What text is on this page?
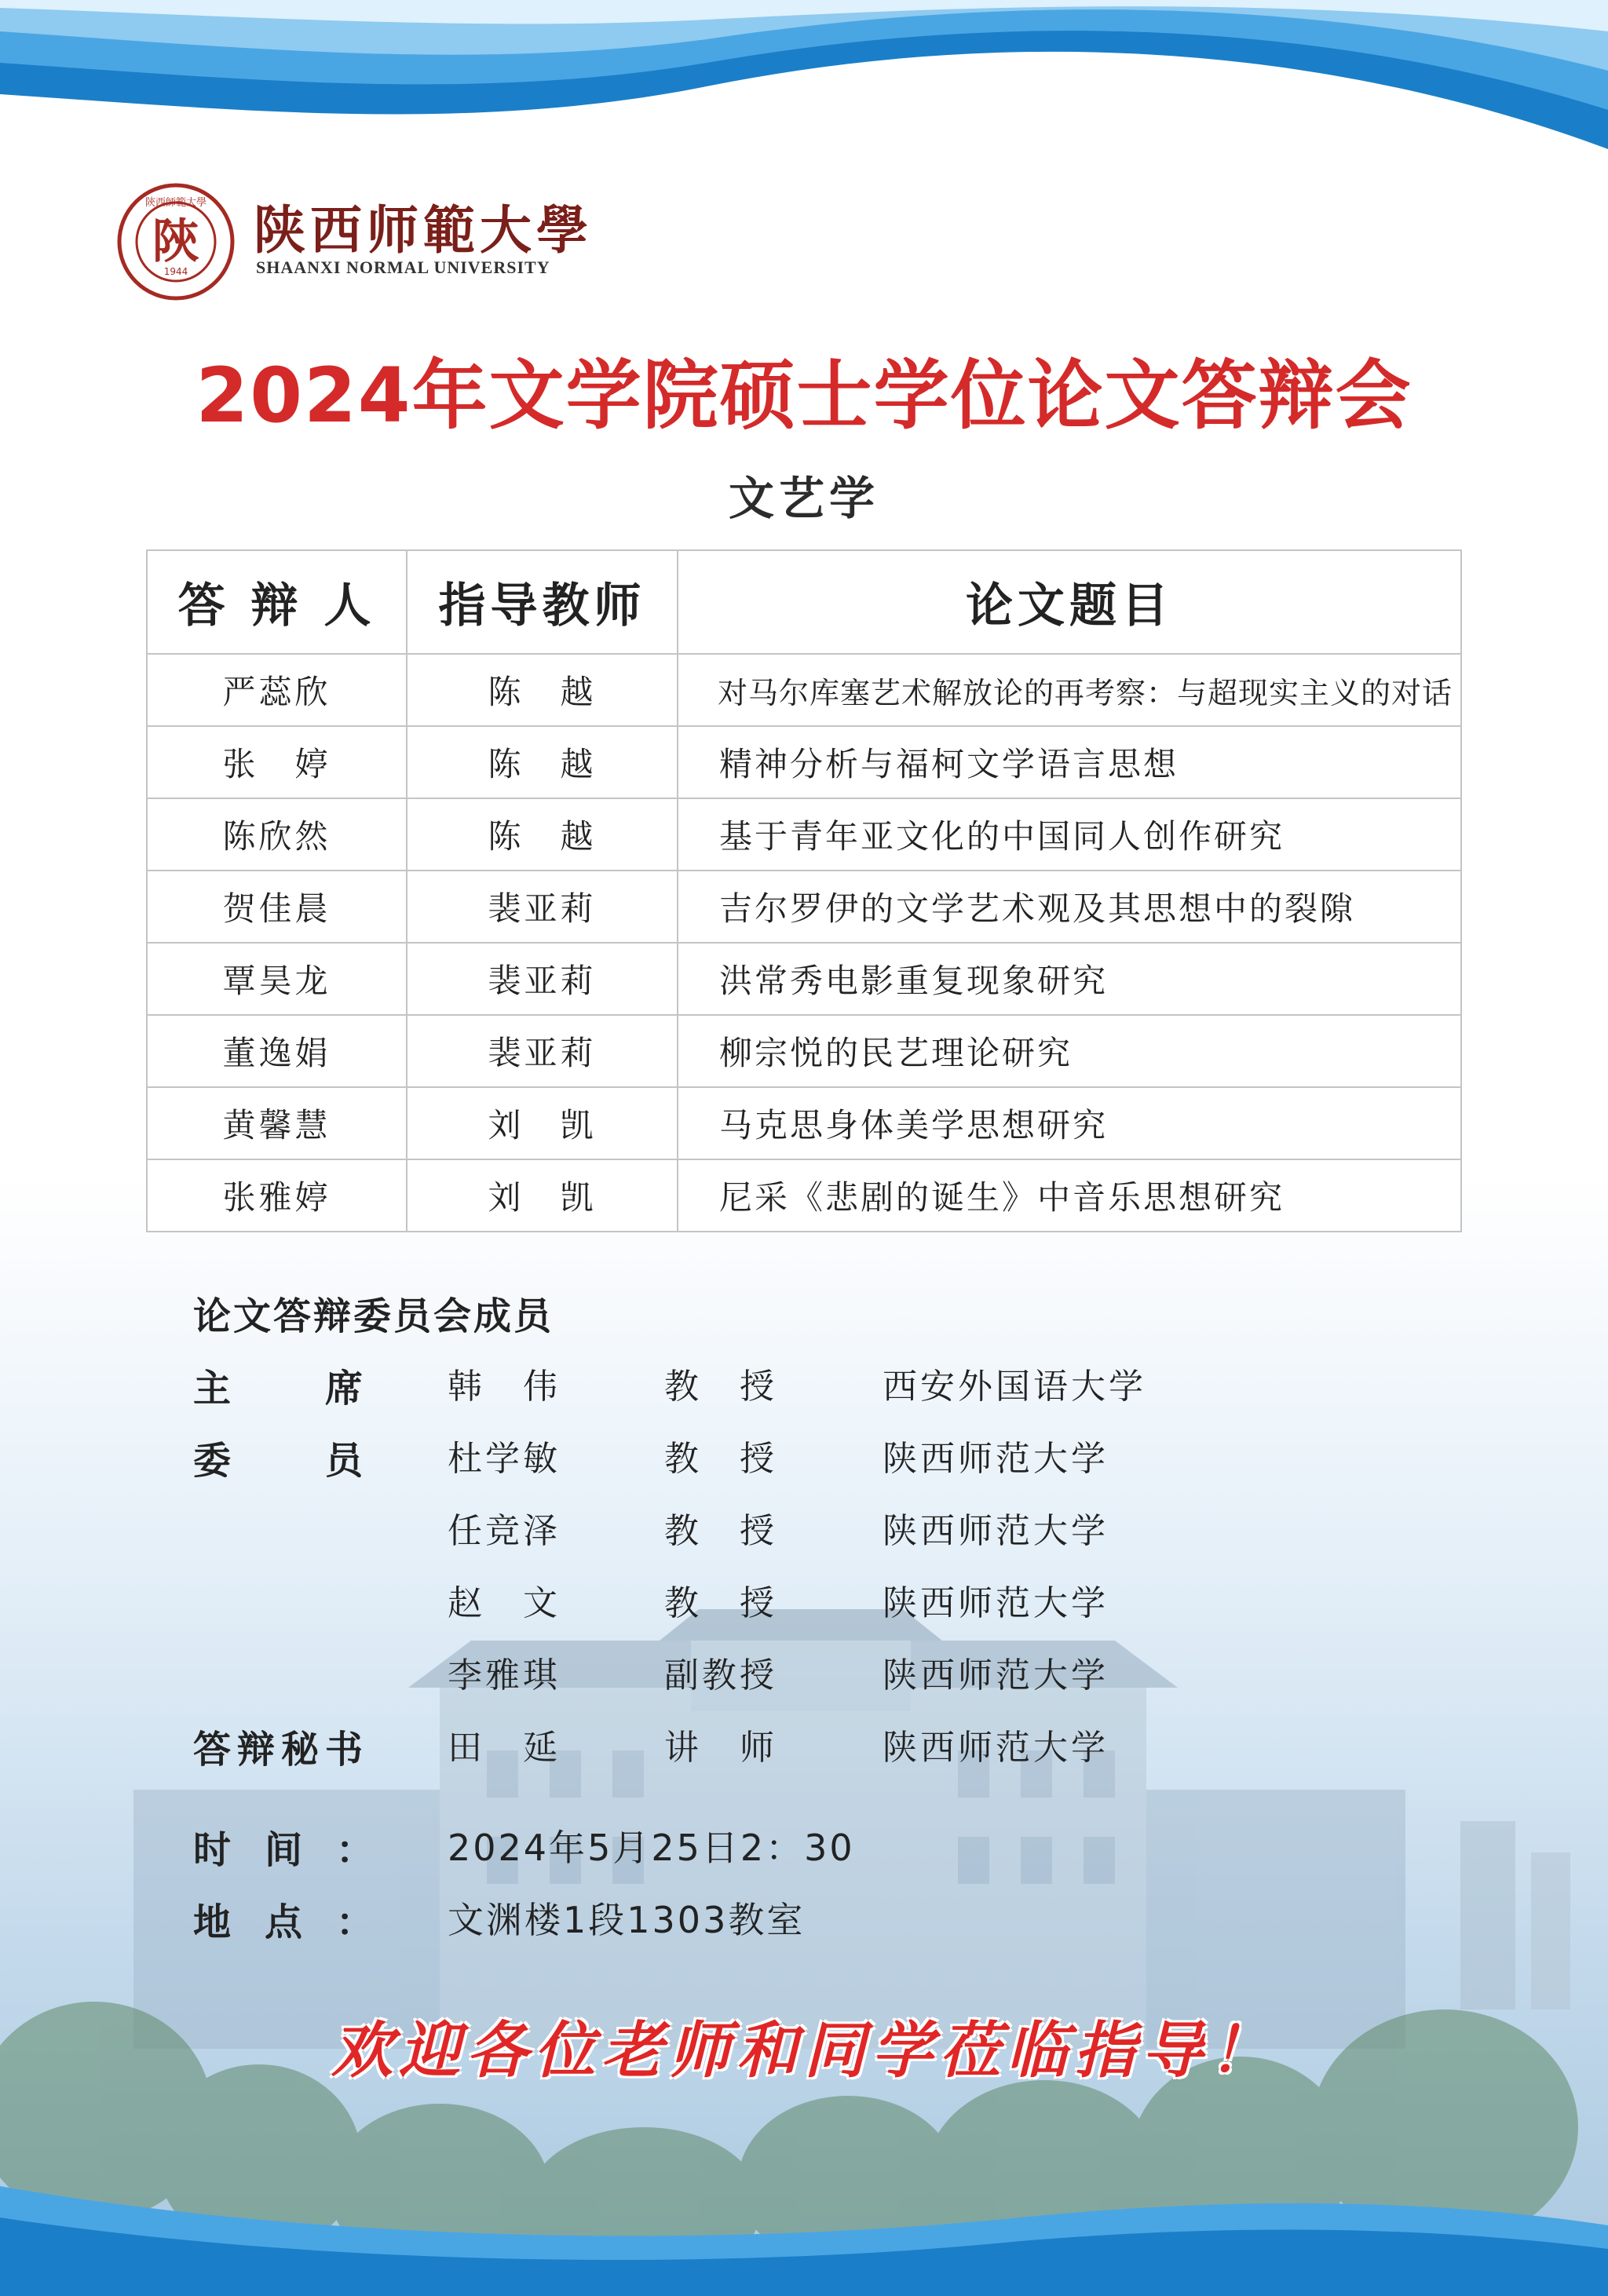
陝西師範大學
陝
1944
陕西师範大學
SHAANXI NORMAL UNIVERSITY
2024年文学院硕士学位论文答辩会
文艺学
答 辩 人	指导教师	论文题目
严蕊欣	陈　越	对马尔库塞艺术解放论的再考察：与超现实主义的对话
张　婷	陈　越	精神分析与福柯文学语言思想
陈欣然	陈　越	基于青年亚文化的中国同人创作研究
贺佳晨	裴亚莉	吉尔罗伊的文学艺术观及其思想中的裂隙
覃昊龙	裴亚莉	洪常秀电影重复现象研究
董逸娟	裴亚莉	柳宗悦的民艺理论研究
黄馨慧	刘　凯	马克思身体美学思想研究
张雅婷	刘　凯	尼采《悲剧的诞生》中音乐思想研究
论文答辩委员会成员
主席 韩　伟	教　授	西安外国语大学
委员 杜学敏	教　授	陕西师范大学
任竞泽	教　授	陕西师范大学
赵　文	教　授	陕西师范大学
李雅琪	副教授	陕西师范大学
答辩秘书 田　延	讲　师	陕西师范大学
时间： 2024年5月25日2：30
地点： 文渊楼1段1303教室
欢迎各位老师和同学莅临指导！
